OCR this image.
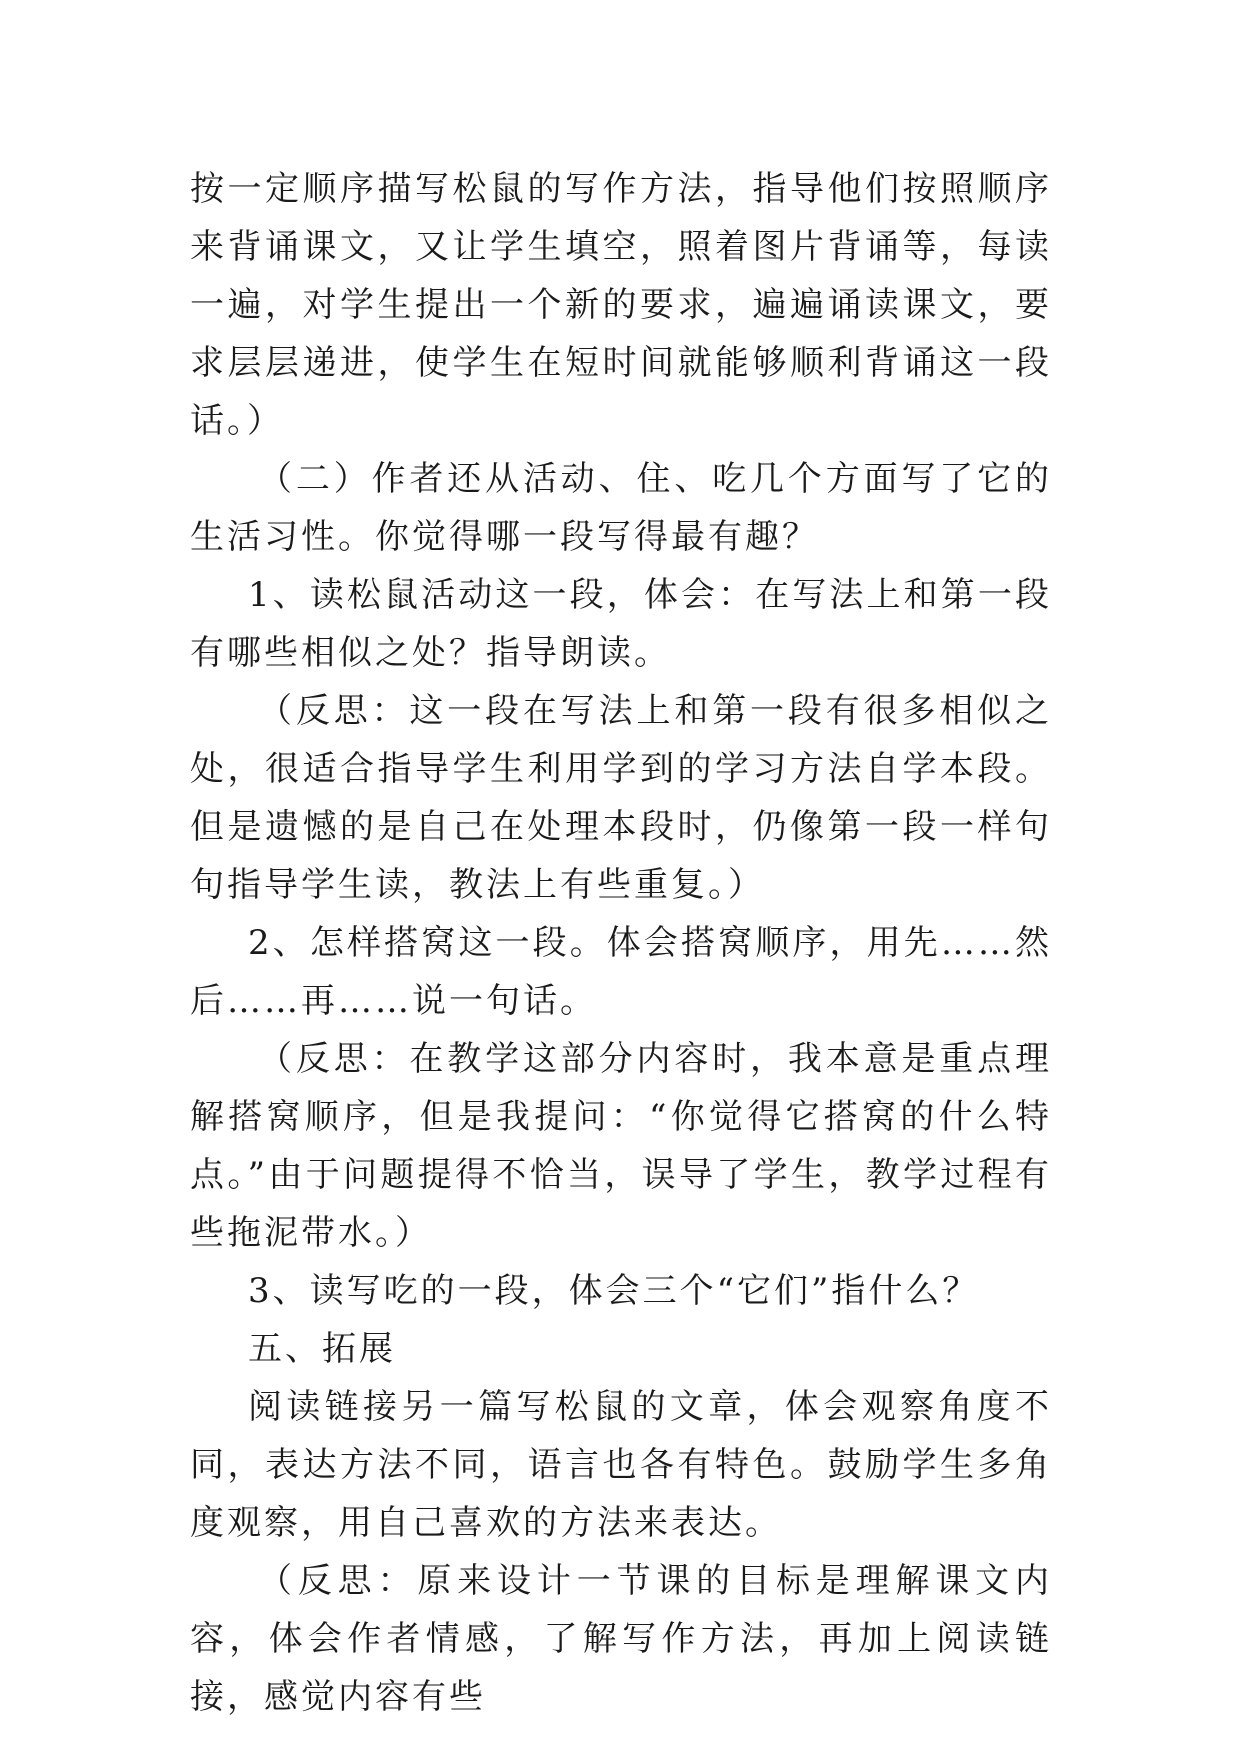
按一定顺序描写松鼠的写作方法，指导他们按照顺序来背诵课文，又让学生填空，照着图片背诵等，每读一遍，对学生提出一个新的要求，遍遍诵读课文，要求层层递进，使学生在短时间就能够顺利背诵这一段话。）

（二）作者还从活动、住、吃几个方面写了它的生活习性。你觉得哪一段写得最有趣？

1、读松鼠活动这一段，体会：在写法上和第一段有哪些相似之处？指导朗读。

（反思：这一段在写法上和第一段有很多相似之处，很适合指导学生利用学到的学习方法自学本段。但是遗憾的是自己在处理本段时，仍像第一段一样句句指导学生读，教法上有些重复。）

2、怎样搭窝这一段。体会搭窝顺序，用先……然后……再……说一句话。

（反思：在教学这部分内容时，我本意是重点理解搭窝顺序，但是我提问：“你觉得它搭窝的什么特点。”由于问题提得不恰当，误导了学生，教学过程有些拖泥带水。）

3、读写吃的一段，体会三个“它们”指什么？

五、拓展

阅读链接另一篇写松鼠的文章，体会观察角度不同，表达方法不同，语言也各有特色。鼓励学生多角度观察，用自己喜欢的方法来表达。

（反思：原来设计一节课的目标是理解课文内容，体会作者情感，了解写作方法，再加上阅读链接，感觉内容有些
